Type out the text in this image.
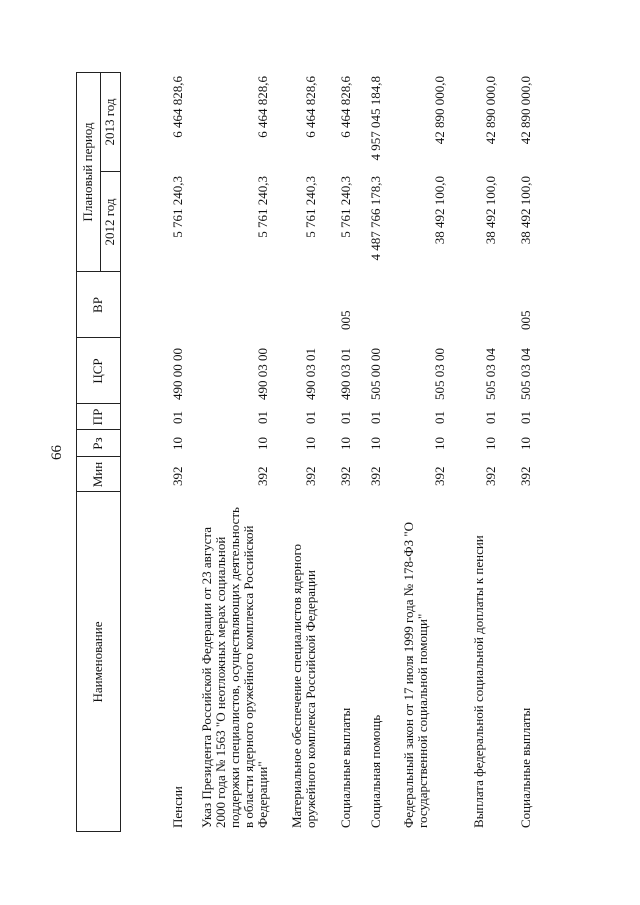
66
Наименование
Мин
Рз
ПР
ЦСР
ВР
Плановый период
2012 год
2013 год
Пенсии
392
10
01
490 00 00
5 761 240,3
6 464 828,6
Указ Президента Российской Федерации от 23 августа 2000 года № 1563 "О неотложных мерах социальной поддержки специалистов, осуществляющих деятельность в области ядерного оружейного комплекса Российской Федерации"
392
10
01
490 03 00
5 761 240,3
6 464 828,6
Материальное обеспечение специалистов ядерного оружейного комплекса Российской Федерации
392
10
01
490 03 01
5 761 240,3
6 464 828,6
Социальные выплаты
392
10
01
490 03 01
005
5 761 240,3
6 464 828,6
Социальная помощь
392
10
01
505 00 00
4 487 766 178,3
4 957 045 184,8
Федеральный закон от 17 июля 1999 года № 178-ФЗ "О государственной социальной помощи"
392
10
01
505 03 00
38 492 100,0
42 890 000,0
Выплата федеральной социальной доплаты к пенсии
392
10
01
505 03 04
38 492 100,0
42 890 000,0
Социальные выплаты
392
10
01
505 03 04
005
38 492 100,0
42 890 000,0
